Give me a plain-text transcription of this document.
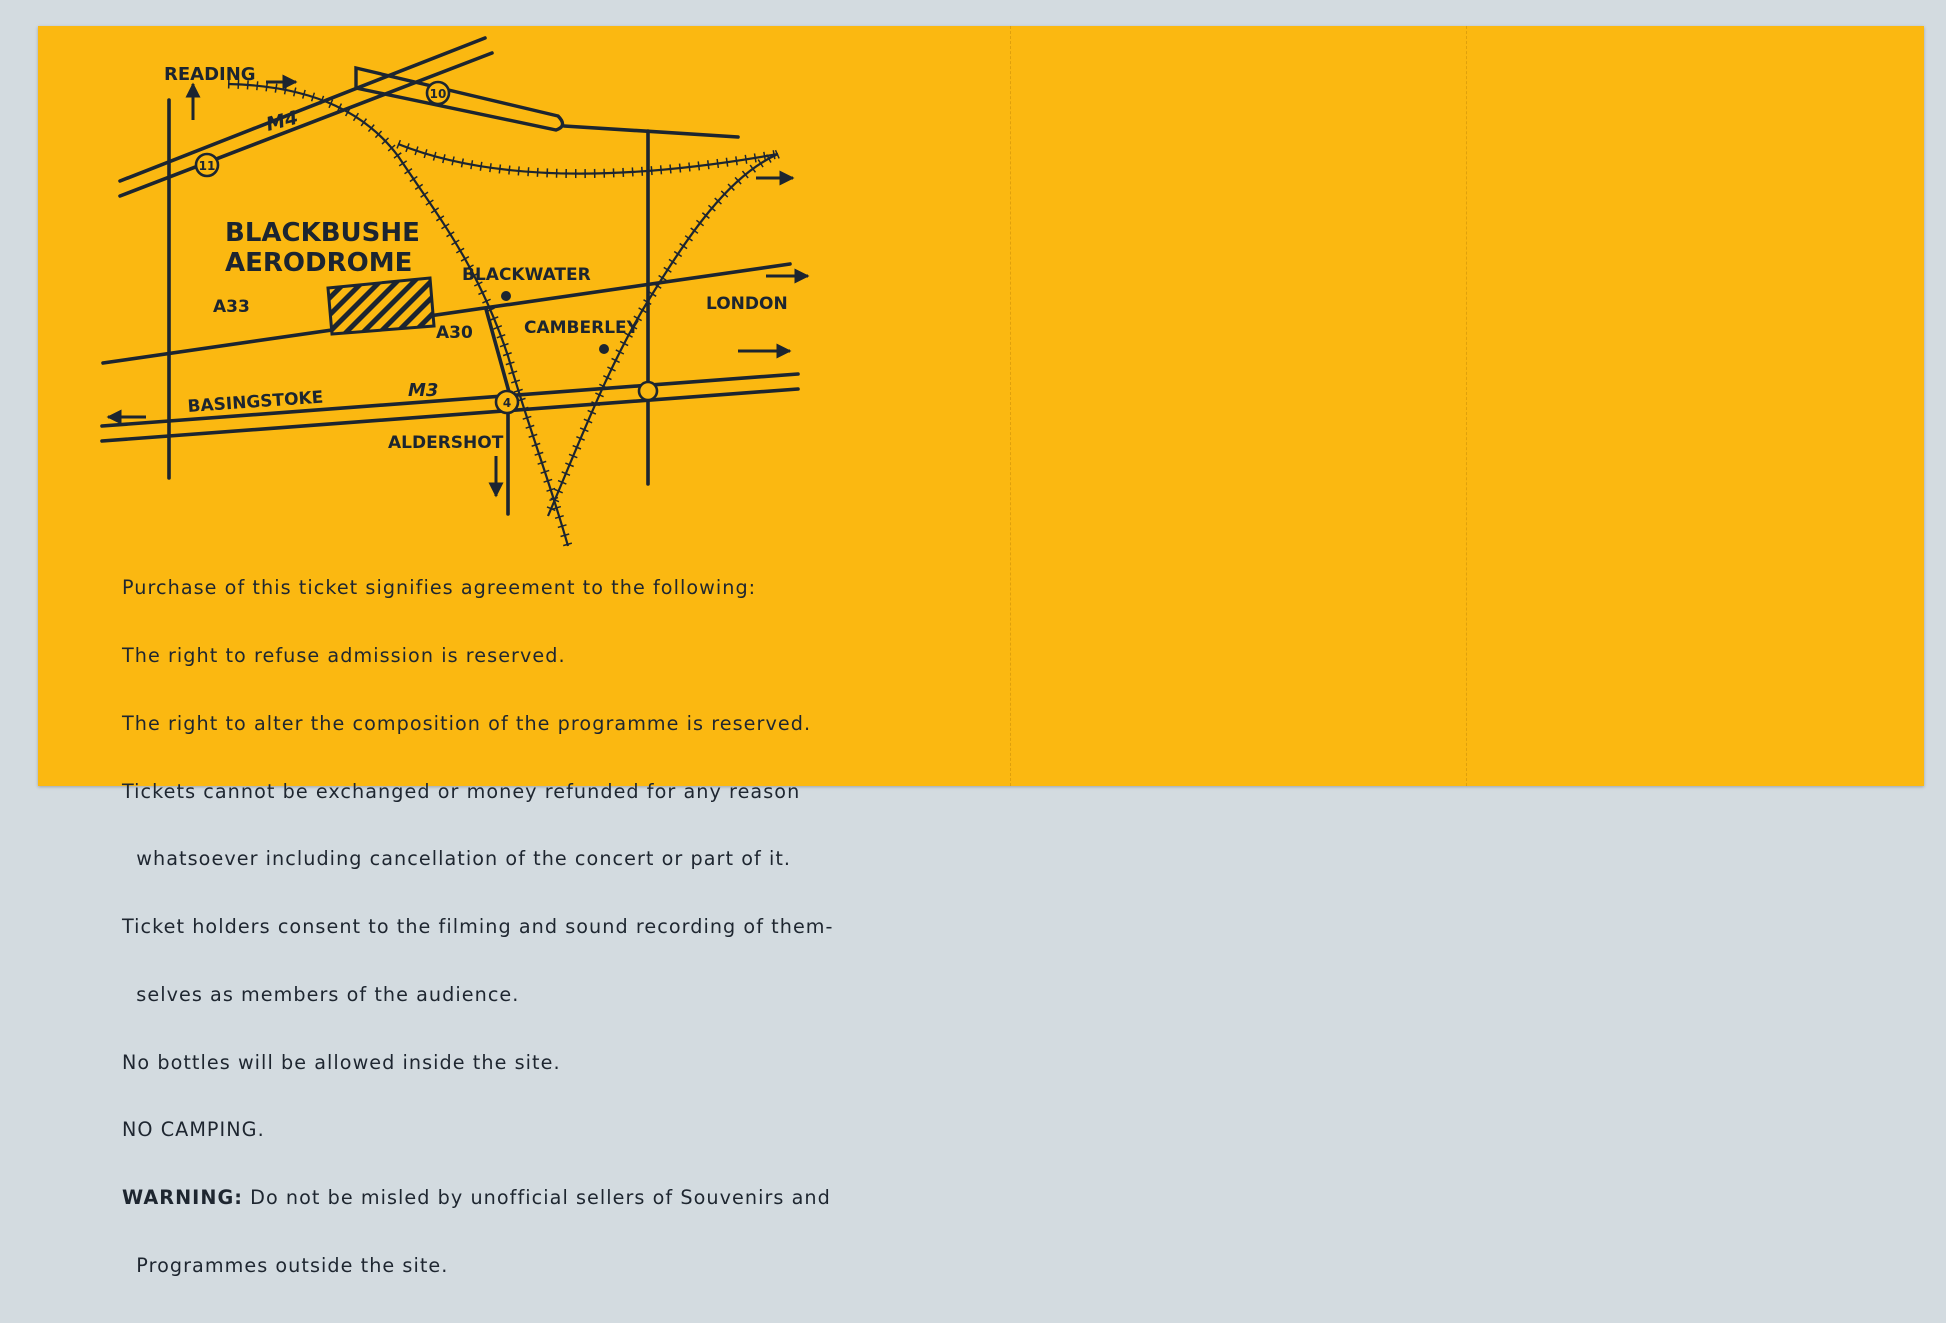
10
11
4
READING
M4
BLACKBUSHE
AERODROME
A33
A30
BLACKWATER
CAMBERLEY
LONDON
BASINGSTOKE	M3
ALDERSHOT

Purchase of this ticket signifies agreement to the following:

The right to refuse admission is reserved.

The right to alter the composition of the programme is reserved.

Tickets cannot be exchanged or money refunded for any reason

whatsoever including cancellation of the concert or part of it.

Ticket holders consent to the filming and sound recording of them-

selves as members of the audience.

No bottles will be allowed inside the site.

NO CAMPING.

WARNING: Do not be misled by unofficial sellers of Souvenirs and

Programmes outside the site.
